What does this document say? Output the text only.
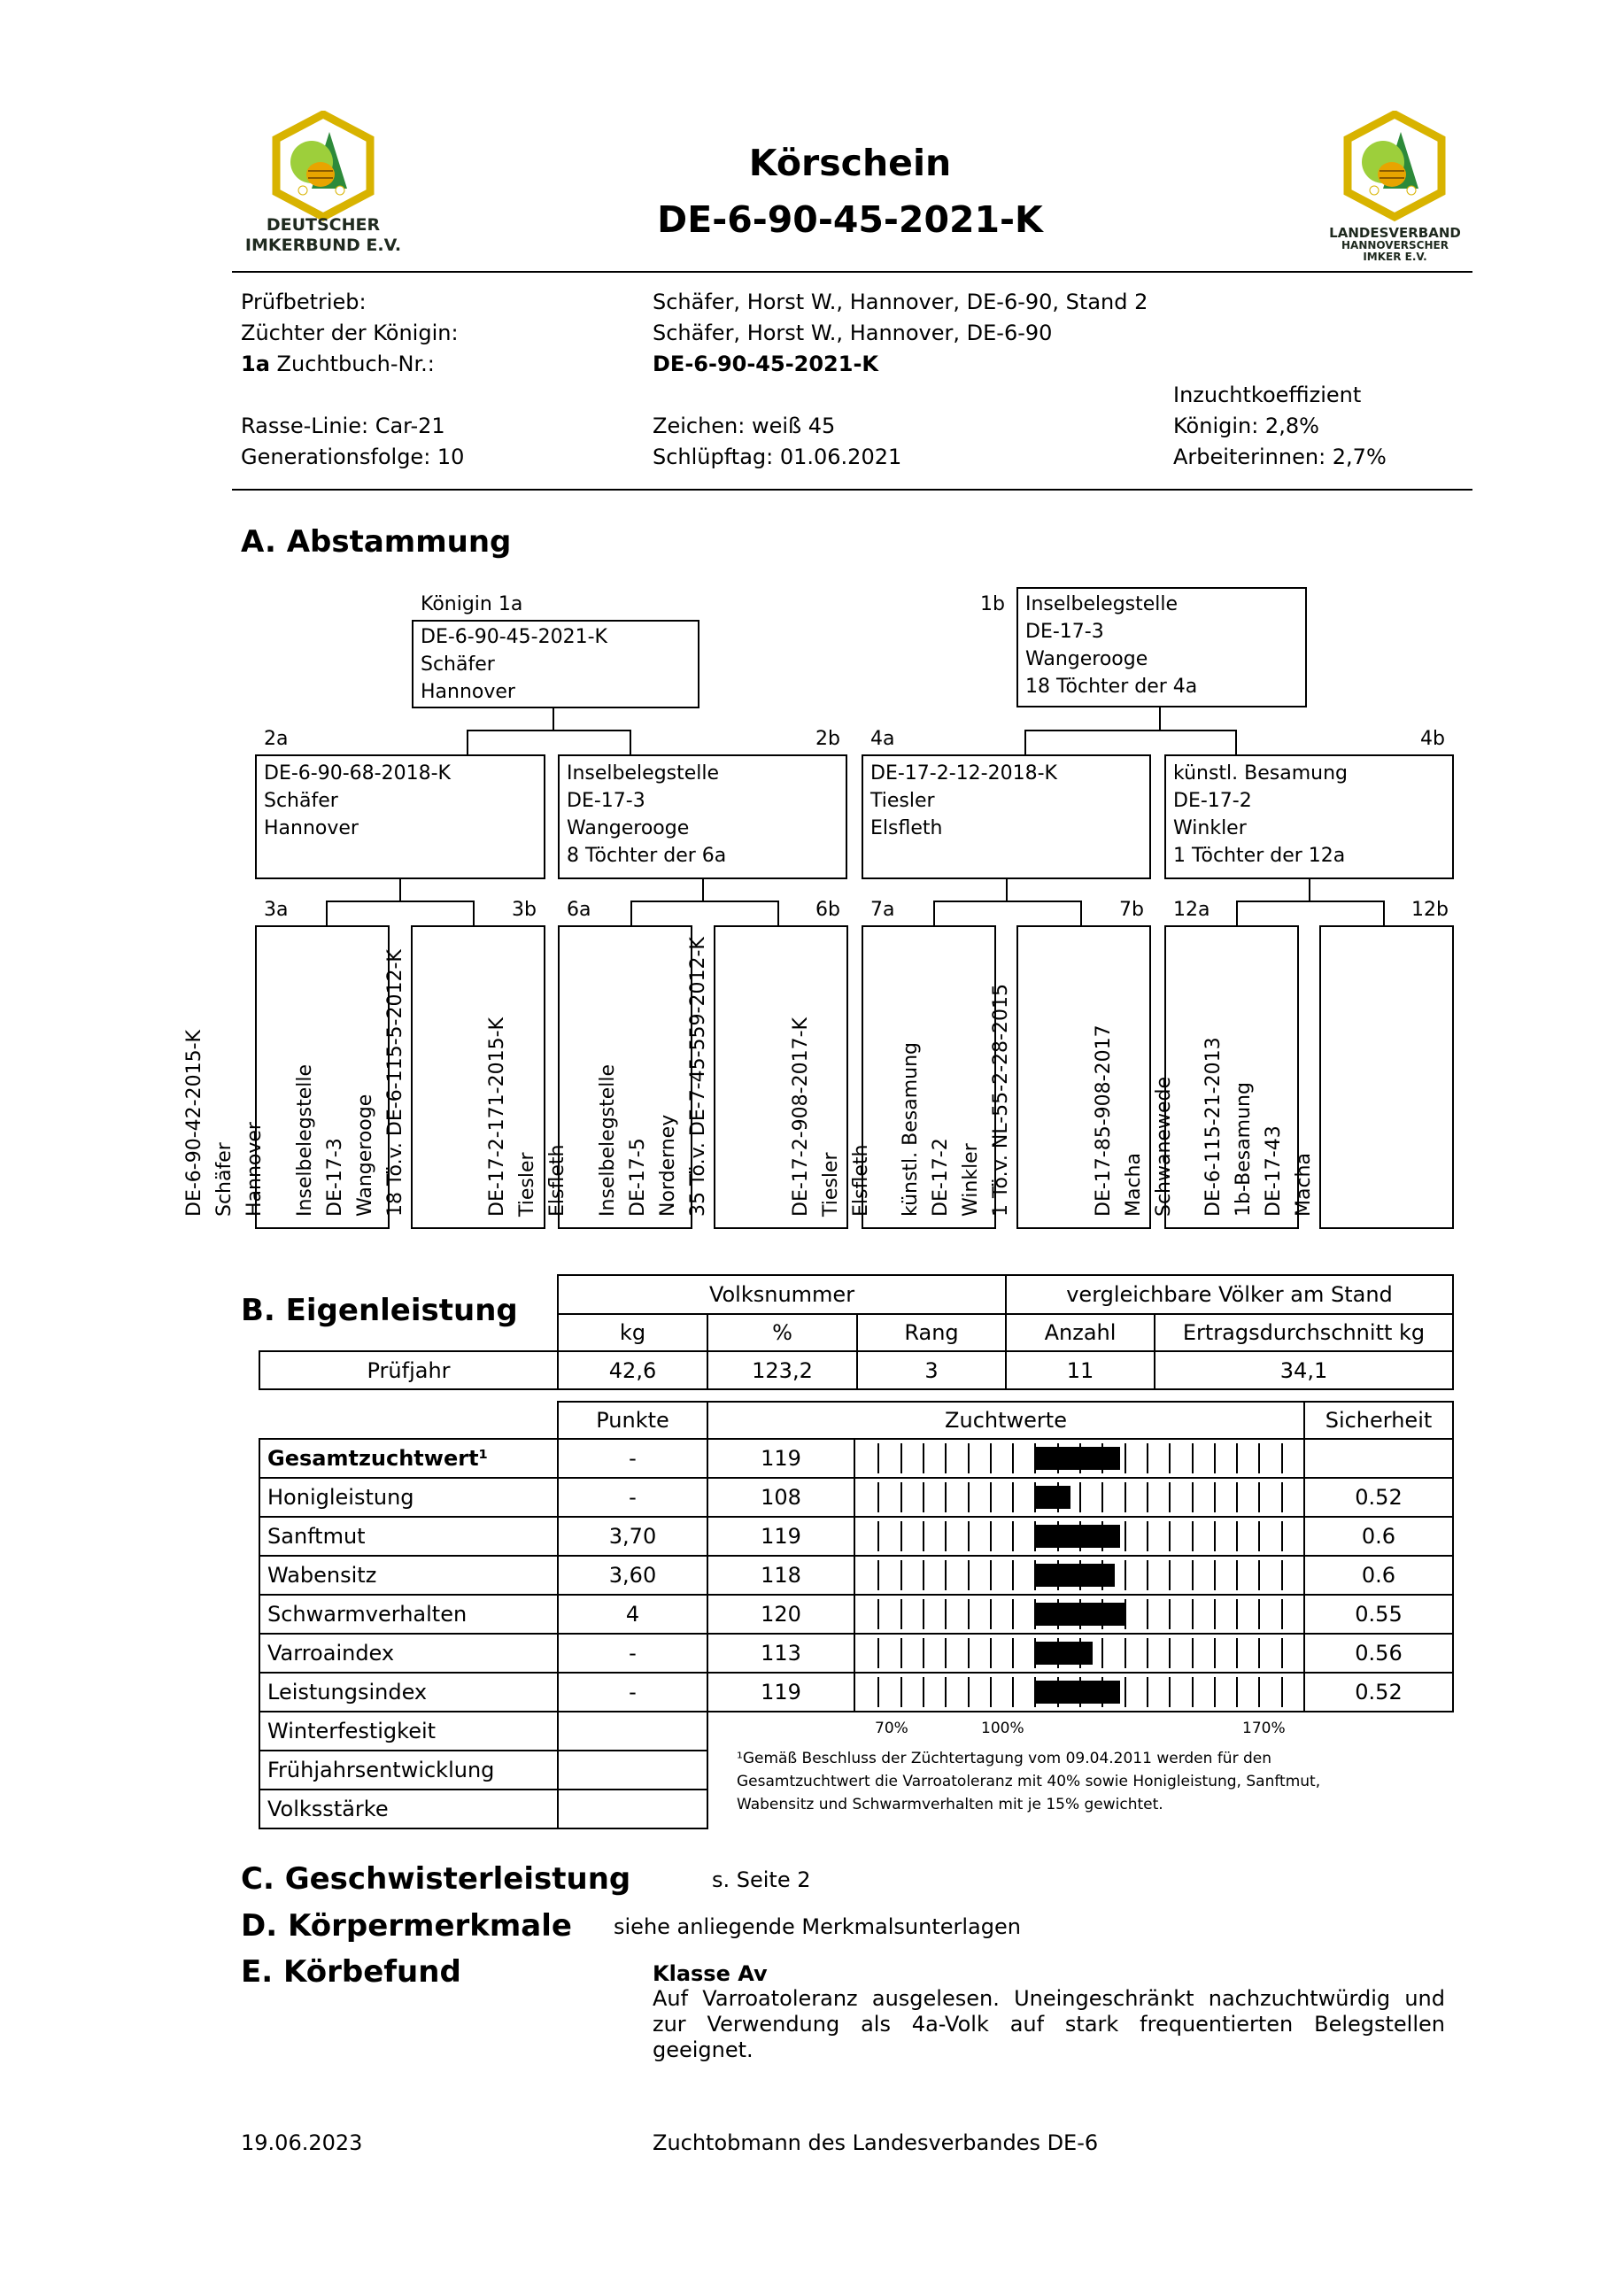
DEUTSCHER
IMKERBUND E.V.
LANDESVERBAND
HANNOVERSCHER
IMKER E.V.
Körschein
DE-6-90-45-2021-K
Prüfbetrieb:	Schäfer, Horst W., Hannover, DE-6-90, Stand 2
Züchter der Königin:	Schäfer, Horst W., Hannover, DE-6-90
1a Zuchtbuch-Nr.:	DE-6-90-45-2021-K
Inzuchtkoeffizient
Rasse-Linie: Car-21	Zeichen: weiß 45	Königin: 2,8%
Generationsfolge: 10	Schlüpftag: 01.06.2021	Arbeiterinnen: 2,7%
A. Abstammung
Königin 1a
DE-6-90-45-2021-K
Schäfer
Hannover
1b	Inselbelegstelle
DE-17-3
Wangerooge
18 Töchter der 4a
2a	2b 4a	4b
DE-6-90-68-2018-K
Schäfer
Hannover
Inselbelegstelle
DE-17-3
Wangerooge
8 Töchter der 6a
DE-17-2-12-2018-K
Tiesler
Elsfleth
künstl. Besamung
DE-17-2
Winkler
1 Töchter der 12a
3a	3b 6a	6b 7a	7b 12a	12b
DE-6-90-42-2015-K Schäfer Hannover Inselbelegstelle DE-17-3 Wangerooge 18 Tö.v. DE-6-115-5-2012-K	DE-17-2-171-2015-K Tiesler Elsfleth Inselbelegstelle DE-17-5 Norderney 35 Tö.v. DE-7-45-559-2012-K	DE-17-2-908-2017-K Tiesler Elsfleth künstl. Besamung DE-17-2 Winkler 1 Tö.v. NL-55-2-28-2015	DE-17-85-908-2017 Macha Schwanewede DE-6-115-21-2013 1b-Besamung DE-17-43 Macha
B. Eigenleistung	Volksnummer	vergleichbare Völker am Stand
kg	%	Rang	Anzahl	Ertragsdurchschnitt kg
Prüfjahr	42,6	123,2	3	11	34,1
Punkte	Zuchtwerte	Sicherheit
Gesamtzuchtwert¹	-	119
Honigleistung	-	108	0.52
Sanftmut	3,70	119	0.6
Wabensitz	3,60	118	0.6
Schwarmverhalten	4	120	0.55
Varroaindex	-	113	0.56
Leistungsindex	-	119	0.52
Winterfestigkeit
Frühjahrsentwicklung
Volksstärke
70%	100%	170%
¹Gemäß Beschluss der Züchtertagung vom 09.04.2011 werden für den Gesamtzuchtwert die Varroatoleranz mit 40% sowie Honigleistung, Sanftmut, Wabensitz und Schwarmverhalten mit je 15% gewichtet.
C. Geschwisterleistung	s. Seite 2
D. Körpermerkmale siehe anliegende Merkmalsunterlagen
E. Körbefund	Klasse Av
Auf Varroatoleranz ausgelesen. Uneingeschränkt nachzuchtwürdig und zur Verwendung als 4a-Volk auf stark frequentierten Belegstellen geeignet.
19.06.2023	Zuchtobmann des Landesverbandes DE-6
